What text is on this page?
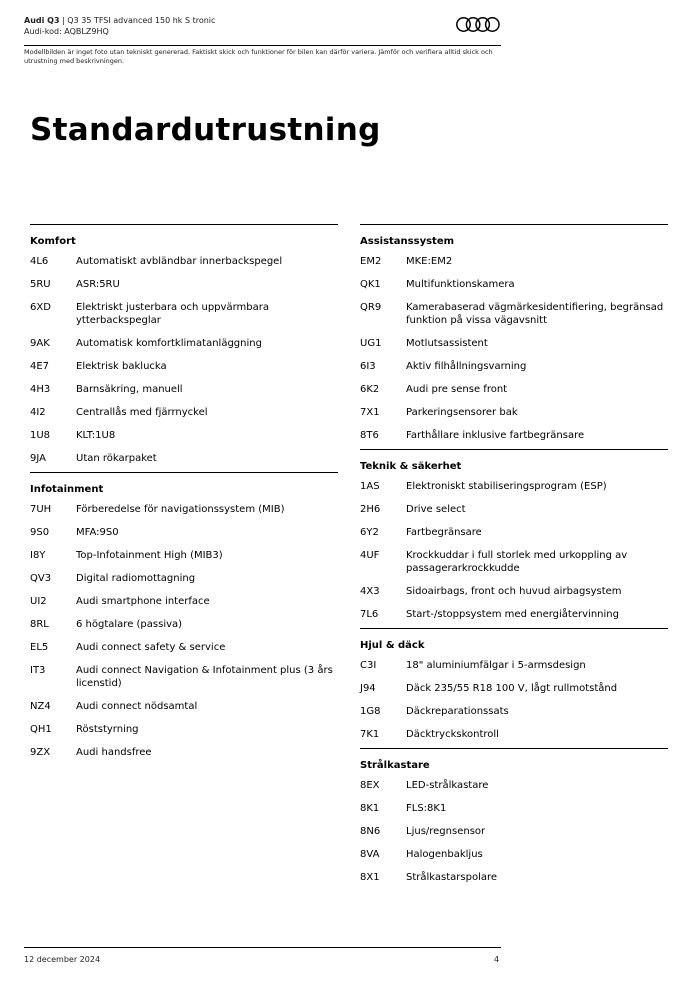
Audi Q3 | Q3 35 TFSI advanced 150 hk S tronic
Audi-kod: AQBLZ9HQ
Modellbilden är inget foto utan tekniskt genererad. Faktiskt skick och funktioner för bilen kan därför variera. Jämför och verifiera alltid skick och utrustning med beskrivningen.
Standardutrustning
Komfort
4L6	Automatiskt avbländbar innerbackspegel
5RU	ASR:5RU
6XD	Elektriskt justerbara och uppvärmbara ytterbackspeglar
9AK	Automatisk komfortklimatanläggning
4E7	Elektrisk baklucka
4H3	Barnsäkring, manuell
4I2	Centrallås med fjärrnyckel
1U8	KLT:1U8
9JA	Utan rökarpaket
Infotainment
7UH	Förberedelse för navigationssystem (MIB)
9S0	MFA:9S0
I8Y	Top-Infotainment High (MIB3)
QV3	Digital radiomottagning
UI2	Audi smartphone interface
8RL	6 högtalare (passiva)
EL5	Audi connect safety & service
IT3	Audi connect Navigation & Infotainment plus (3 års licenstid)
NZ4	Audi connect nödsamtal
QH1	Röststyrning
9ZX	Audi handsfree
Assistanssystem
EM2	MKE:EM2
QK1	Multifunktionskamera
QR9	Kamerabaserad vägmärkesidentifiering, begränsad funktion på vissa vägavsnitt
UG1	Motlutsassistent
6I3	Aktiv filhållningsvarning
6K2	Audi pre sense front
7X1	Parkeringsensorer bak
8T6	Farthållare inklusive fartbegränsare
Teknik & säkerhet
1AS	Elektroniskt stabiliseringsprogram (ESP)
2H6	Drive select
6Y2	Fartbegränsare
4UF	Krockkuddar i full storlek med urkoppling av passagerarkrockkudde
4X3	Sidoairbags, front och huvud airbagsystem
7L6	Start-/stoppsystem med energiåtervinning
Hjul & däck
C3I	18" aluminiumfälgar i 5-armsdesign
J94	Däck 235/55 R18 100 V, lågt rullmotstånd
1G8	Däckreparationssats
7K1	Däcktryckskontroll
Strålkastare
8EX	LED-strålkastare
8K1	FLS:8K1
8N6	Ljus/regnsensor
8VA	Halogenbakljus
8X1	Strålkastarspolare
12 december 2024	4
